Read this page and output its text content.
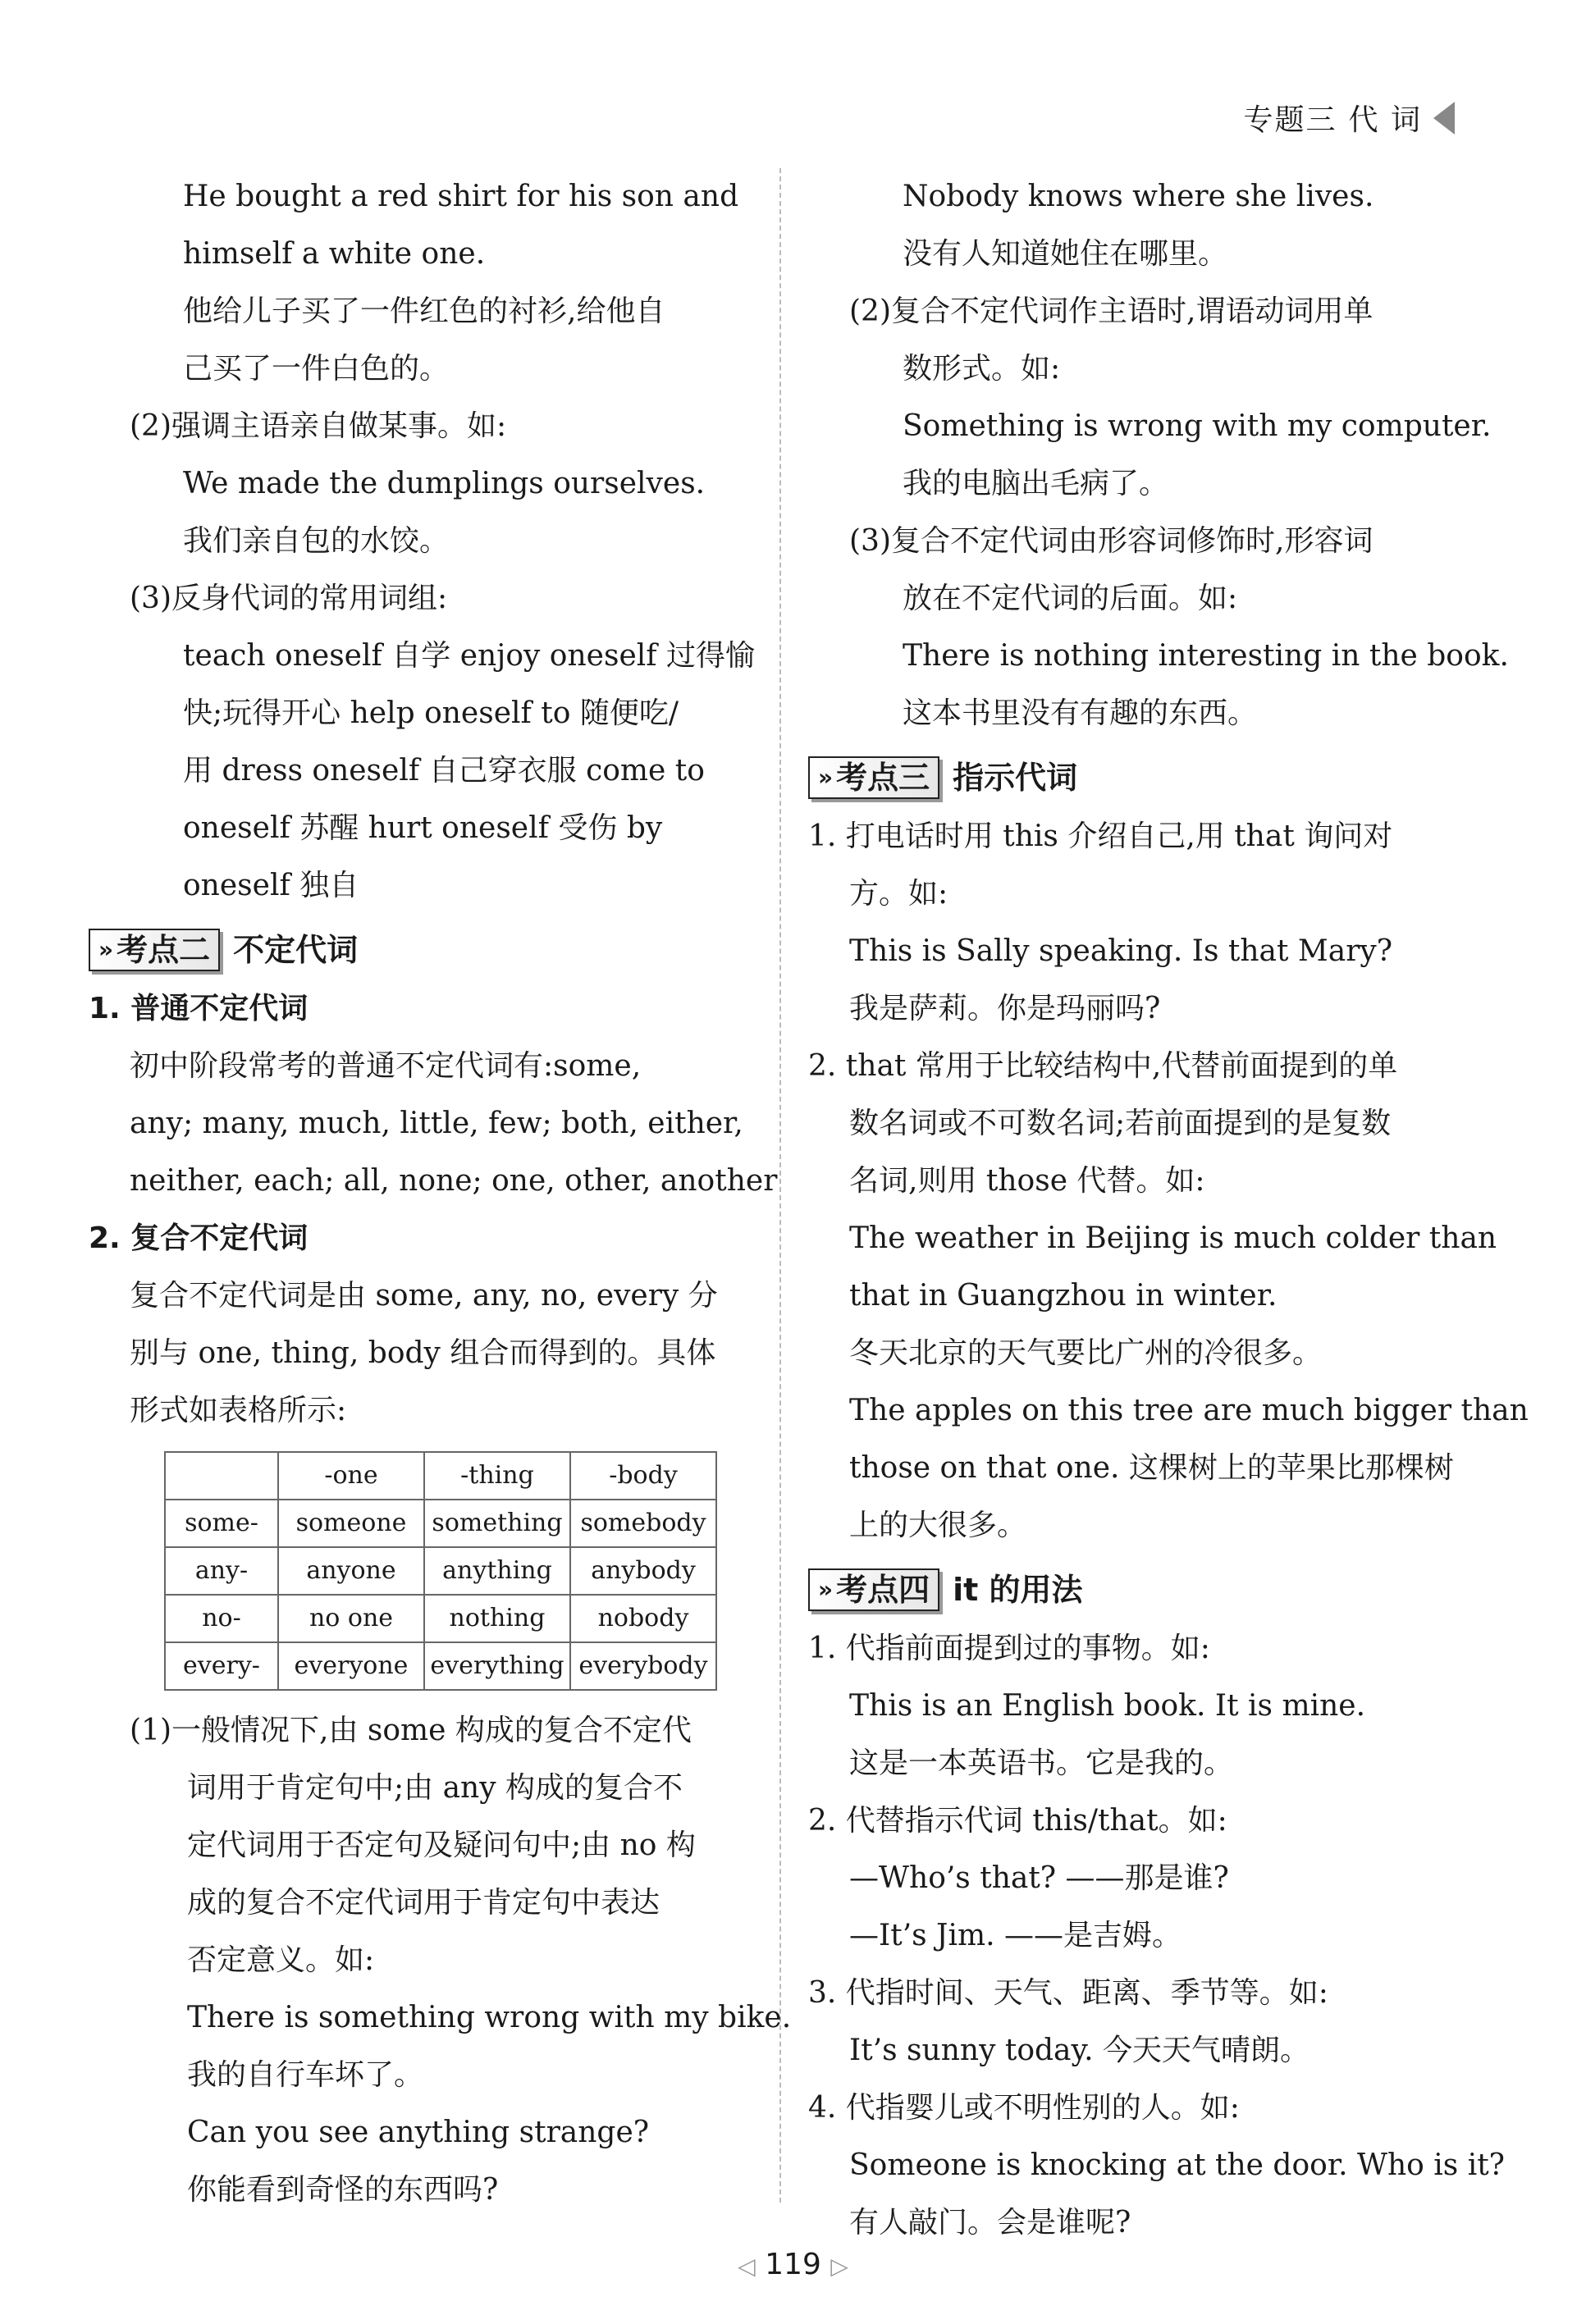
专题三 代 词
He bought a red shirt for his son and
himself a white one.
他给儿子买了一件红色的衬衫,给他自
己买了一件白色的。
(2)强调主语亲自做某事。如:
We made the dumplings ourselves.
我们亲自包的水饺。
(3)反身代词的常用词组:
teach oneself 自学 enjoy oneself 过得愉
快;玩得开心 help oneself to 随便吃/
用 dress oneself 自己穿衣服 come to
oneself 苏醒 hurt oneself 受伤 by
oneself 独自
» 考点二 不定代词
1. 普通不定代词
初中阶段常考的普通不定代词有:some,
any; many, much, little, few; both, either,
neither, each; all, none; one, other, another
2. 复合不定代词
复合不定代词是由 some, any, no, every 分
别与 one, thing, body 组合而得到的。具体
形式如表格所示:
	-one	-thing	-body
some-	someone	something	somebody
any-	anyone	anything	anybody
no-	no one	nothing	nobody
every-	everyone	everything	everybody
(1)一般情况下,由 some 构成的复合不定代
词用于肯定句中;由 any 构成的复合不
定代词用于否定句及疑问句中;由 no 构
成的复合不定代词用于肯定句中表达
否定意义。如:
There is something wrong with my bike.
我的自行车坏了。
Can you see anything strange?
你能看到奇怪的东西吗?
Nobody knows where she lives.
没有人知道她住在哪里。
(2)复合不定代词作主语时,谓语动词用单
数形式。如:
Something is wrong with my computer.
我的电脑出毛病了。
(3)复合不定代词由形容词修饰时,形容词
放在不定代词的后面。如:
There is nothing interesting in the book.
这本书里没有有趣的东西。
» 考点三 指示代词
1. 打电话时用 this 介绍自己,用 that 询问对
方。如:
This is Sally speaking. Is that Mary?
我是萨莉。你是玛丽吗?
2. that 常用于比较结构中,代替前面提到的单
数名词或不可数名词;若前面提到的是复数
名词,则用 those 代替。如:
The weather in Beijing is much colder than
that in Guangzhou in winter.
冬天北京的天气要比广州的冷很多。
The apples on this tree are much bigger than
those on that one. 这棵树上的苹果比那棵树
上的大很多。
» 考点四 it 的用法
1. 代指前面提到过的事物。如:
This is an English book. It is mine.
这是一本英语书。它是我的。
2. 代替指示代词 this/that。如:
—Who’s that? ——那是谁?
—It’s Jim. ——是吉姆。
3. 代指时间、天气、距离、季节等。如:
It’s sunny today. 今天天气晴朗。
4. 代指婴儿或不明性别的人。如:
Someone is knocking at the door. Who is it?
有人敲门。会是谁呢?
◁ 119 ▷
